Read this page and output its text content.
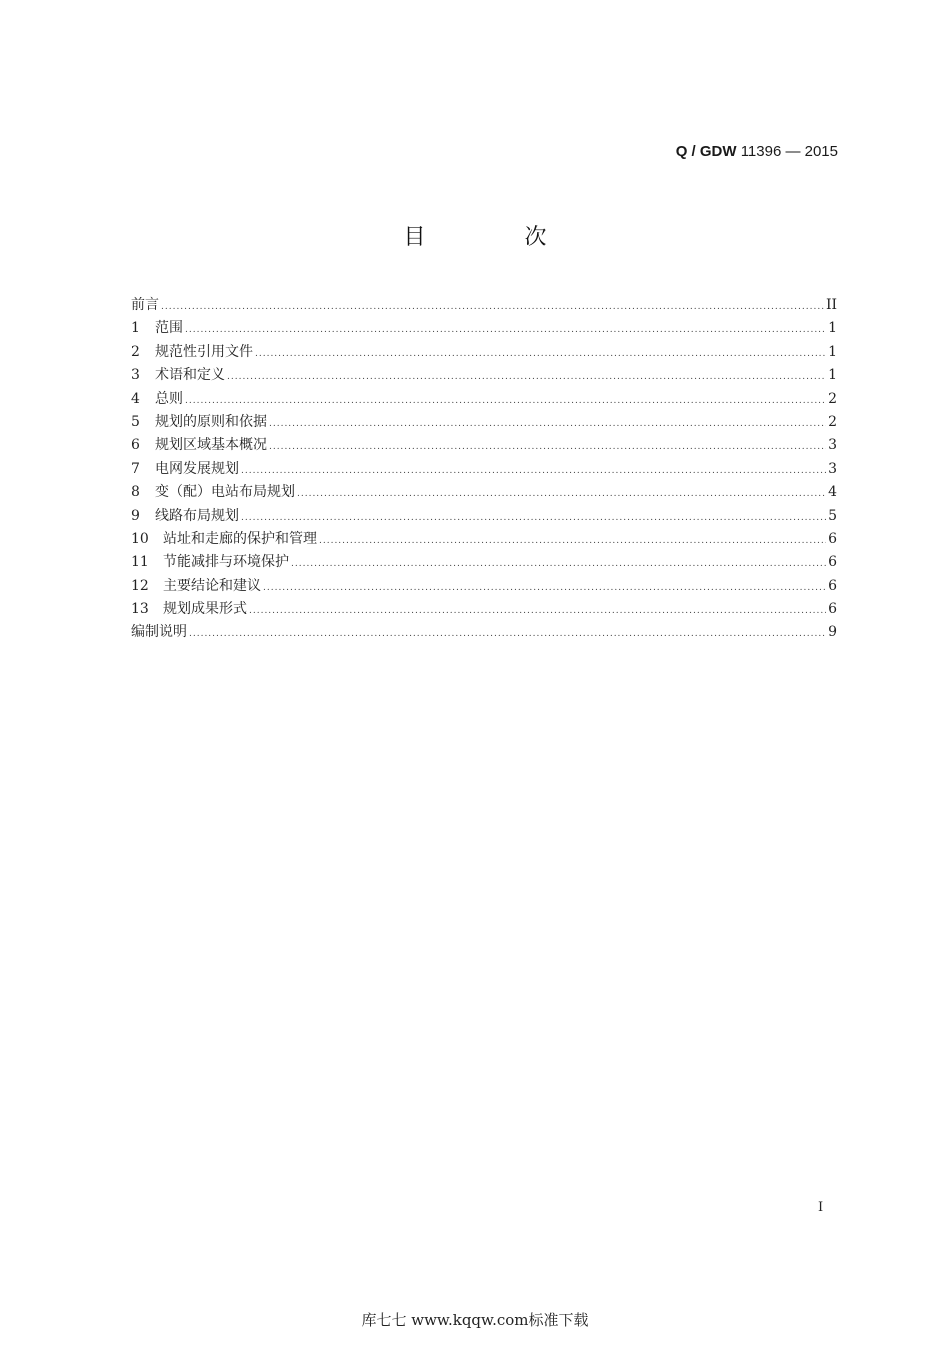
Q / GDW 11396 — 2015
目 次
前言 .....	II
1	范围 .....	1
2	规范性引用文件 .....	1
3	术语和定义 .....	1
4	总则 .....	2
5	规划的原则和依据 .....	2
6	规划区域基本概况 .....	3
7	电网发展规划 .....	3
8	变（配）电站布局规划 .....	4
9	线路布局规划 .....	5
10	站址和走廊的保护和管理 .....	6
11	节能减排与环境保护 .....	6
12	主要结论和建议 .....	6
13	规划成果形式 .....	6
编制说明 .....	9
I
库七七 www.kqqw.com标准下载
